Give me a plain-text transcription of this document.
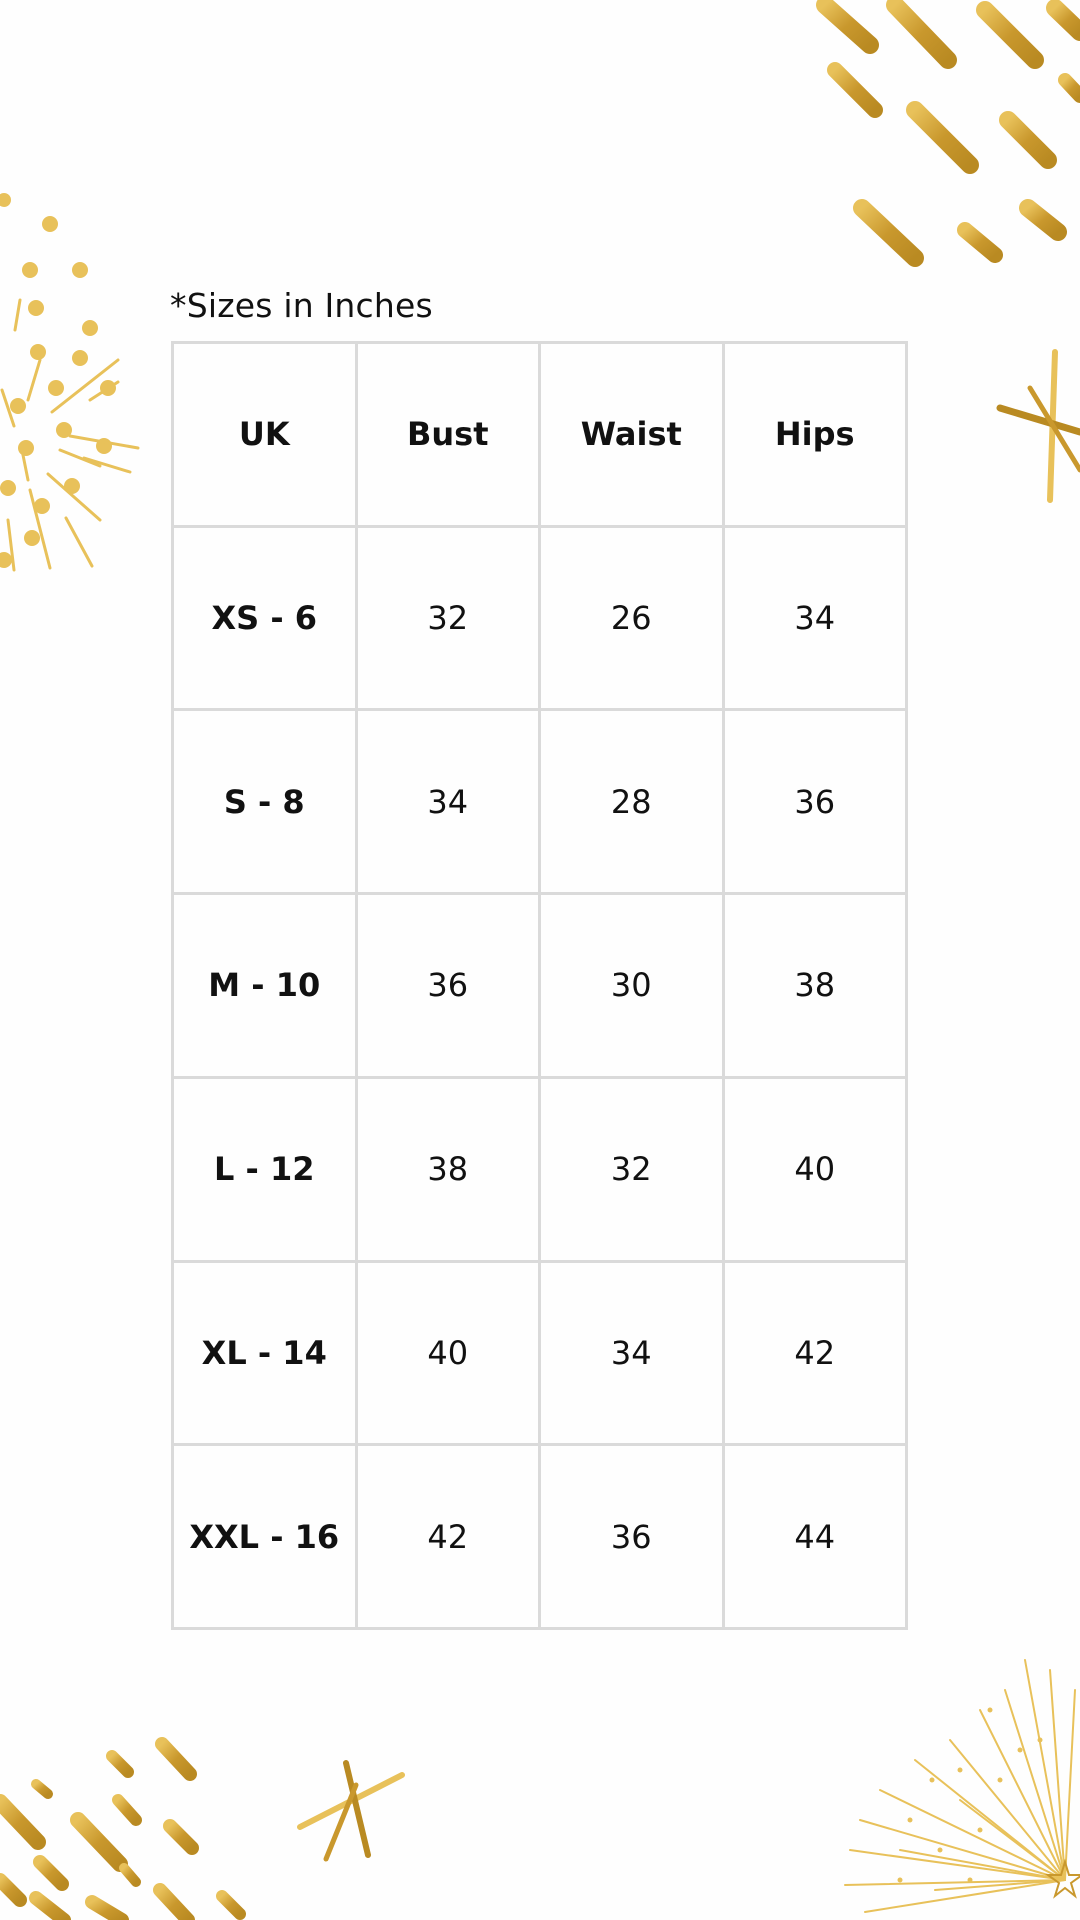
*Sizes in Inches
UK	Bust	Waist	Hips
XS - 6	32	26	34
S - 8	34	28	36
M - 10	36	30	38
L - 12	38	32	40
XL - 14	40	34	42
XXL - 16	42	36	44
